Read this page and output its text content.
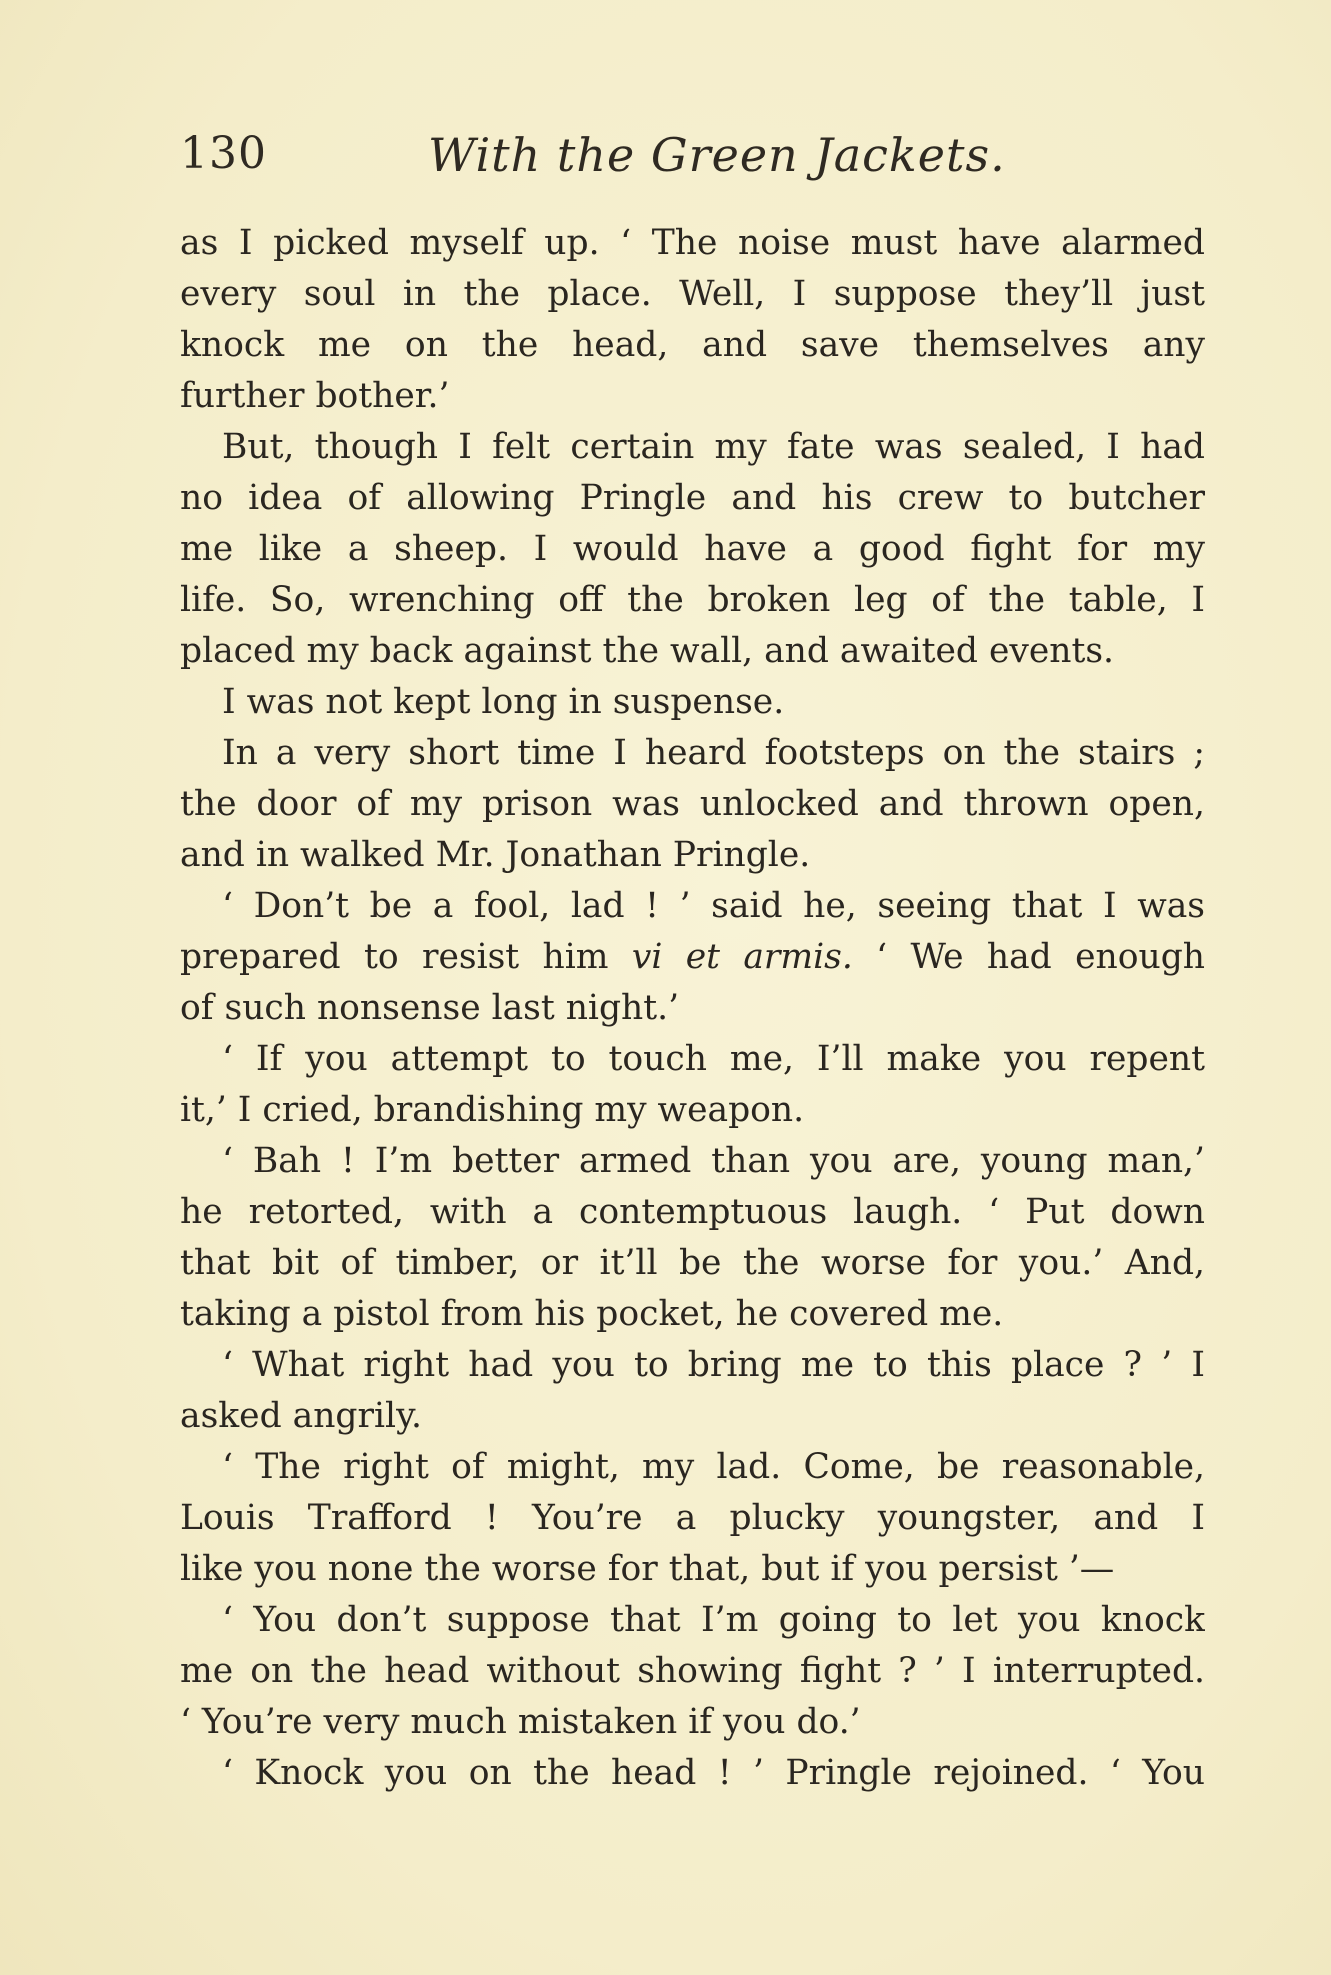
130	With the Green Jackets.
as I picked myself up. ‘ The noise must have alarmed
every soul in the place. Well, I suppose they’ll just
knock me on the head, and save themselves any
further bother.’
But, though I felt certain my fate was sealed, I had
no idea of allowing Pringle and his crew to butcher
me like a sheep. I would have a good fight for my
life. So, wrenching off the broken leg of the table, I
placed my back against the wall, and awaited events.
I was not kept long in suspense.
In a very short time I heard footsteps on the stairs ;
the door of my prison was unlocked and thrown open,
and in walked Mr. Jonathan Pringle.
‘ Don’t be a fool, lad ! ’ said he, seeing that I was
prepared to resist him vi et armis. ‘ We had enough
of such nonsense last night.’
‘ If you attempt to touch me, I’ll make you repent
it,’ I cried, brandishing my weapon.
‘ Bah ! I’m better armed than you are, young man,’
he retorted, with a contemptuous laugh. ‘ Put down
that bit of timber, or it’ll be the worse for you.’ And,
taking a pistol from his pocket, he covered me.
‘ What right had you to bring me to this place ? ’ I
asked angrily.
‘ The right of might, my lad. Come, be reasonable,
Louis Trafford ! You’re a plucky youngster, and I
like you none the worse for that, but if you persist ’—
‘ You don’t suppose that I’m going to let you knock
me on the head without showing fight ? ’ I interrupted.
‘ You’re very much mistaken if you do.’
‘ Knock you on the head ! ’ Pringle rejoined. ‘ You
